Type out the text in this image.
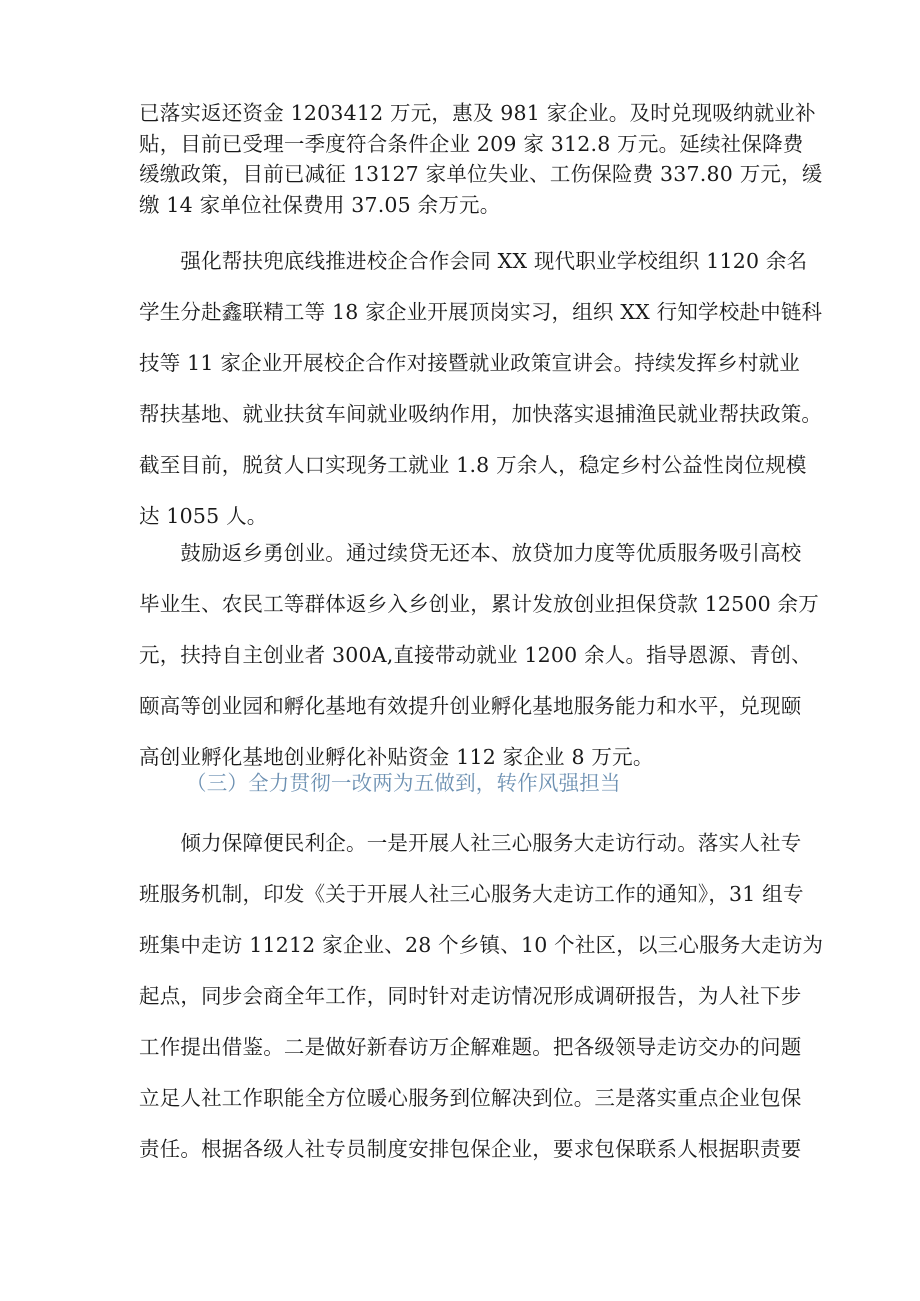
已落实返还资金 1203412 万元，惠及 981 家企业。及时兑现吸纳就业补
贴，目前已受理一季度符合条件企业 209 家 312.8 万元。延续社保降费
缓缴政策，目前已减征 13127 家单位失业、工伤保险费 337.80 万元，缓
缴 14 家单位社保费用 37.05 余万元。
　　强化帮扶兜底线推进校企合作会同 XX 现代职业学校组织 1120 余名
学生分赴鑫联精工等 18 家企业开展顶岗实习，组织 XX 行知学校赴中链科
技等 11 家企业开展校企合作对接暨就业政策宣讲会。持续发挥乡村就业
帮扶基地、就业扶贫车间就业吸纳作用，加快落实退捕渔民就业帮扶政策。
截至目前，脱贫人口实现务工就业 1.8 万余人，稳定乡村公益性岗位规模
达 1055 人。
　　鼓励返乡勇创业。通过续贷无还本、放贷加力度等优质服务吸引高校
毕业生、农民工等群体返乡入乡创业，累计发放创业担保贷款 12500 余万
元，扶持自主创业者 300A,直接带动就业 1200 余人。指导恩源、青创、
颐高等创业园和孵化基地有效提升创业孵化基地服务能力和水平，兑现颐
高创业孵化基地创业孵化补贴资金 112 家企业 8 万元。
（三）全力贯彻一改两为五做到，转作风强担当
　　倾力保障便民利企。一是开展人社三心服务大走访行动。落实人社专
班服务机制，印发《关于开展人社三心服务大走访工作的通知》，31 组专
班集中走访 11212 家企业、28 个乡镇、10 个社区，以三心服务大走访为
起点，同步会商全年工作，同时针对走访情况形成调研报告，为人社下步
工作提出借鉴。二是做好新春访万企解难题。把各级领导走访交办的问题
立足人社工作职能全方位暖心服务到位解决到位。三是落实重点企业包保
责任。根据各级人社专员制度安排包保企业，要求包保联系人根据职责要
